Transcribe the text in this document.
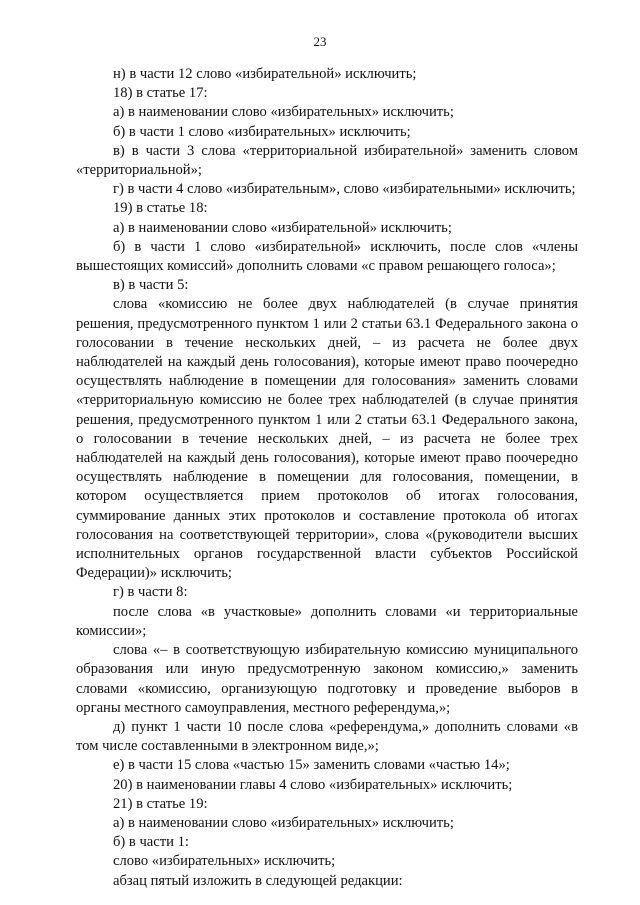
23

н) в части 12 слово «избирательной» исключить;

18) в статье 17:

а) в наименовании слово «избирательных» исключить;

б) в части 1 слово «избирательных» исключить;

в) в части 3 слова «территориальной избирательной» заменить словом «территориальной»;

г) в части 4 слово «избирательным», слово «избирательными» исключить;

19) в статье 18:

а) в наименовании слово «избирательной» исключить;

б) в части 1 слово «избирательной» исключить, после слов «члены вышестоящих комиссий» дополнить словами «с правом решающего голоса»;

в) в части 5:

слова «комиссию не более двух наблюдателей (в случае принятия решения, предусмотренного пунктом 1 или 2 статьи 63.1 Федерального закона о голосовании в течение нескольких дней, – из расчета не более двух наблюдателей на каждый день голосования), которые имеют право поочередно осуществлять наблюдение в помещении для голосования» заменить словами «территориальную комиссию не более трех наблюдателей (в случае принятия решения, предусмотренного пунктом 1 или 2 статьи 63.1 Федерального закона, о голосовании в течение нескольких дней, – из расчета не более трех наблюдателей на каждый день голосования), которые имеют право поочередно осуществлять наблюдение в помещении для голосования, помещении, в котором осуществляется прием протоколов об итогах голосования, суммирование данных этих протоколов и составление протокола об итогах голосования на соответствующей территории», слова «(руководители высших исполнительных органов государственной власти субъектов Российской Федерации)» исключить;

г) в части 8:

после слова «в участковые» дополнить словами «и территориальные комиссии»;

слова «– в соответствующую избирательную комиссию муниципального образования или иную предусмотренную законом комиссию,» заменить словами «комиссию, организующую подготовку и проведение выборов в органы местного самоуправления, местного референдума,»;

д) пункт 1 части 10 после слова «референдума,» дополнить словами «в том числе составленными в электронном виде,»;

е) в части 15 слова «частью 15» заменить словами «частью 14»;

20) в наименовании главы 4 слово «избирательных» исключить;

21) в статье 19:

а) в наименовании слово «избирательных» исключить;

б) в части 1:

слово «избирательных» исключить;

абзац пятый изложить в следующей редакции:
